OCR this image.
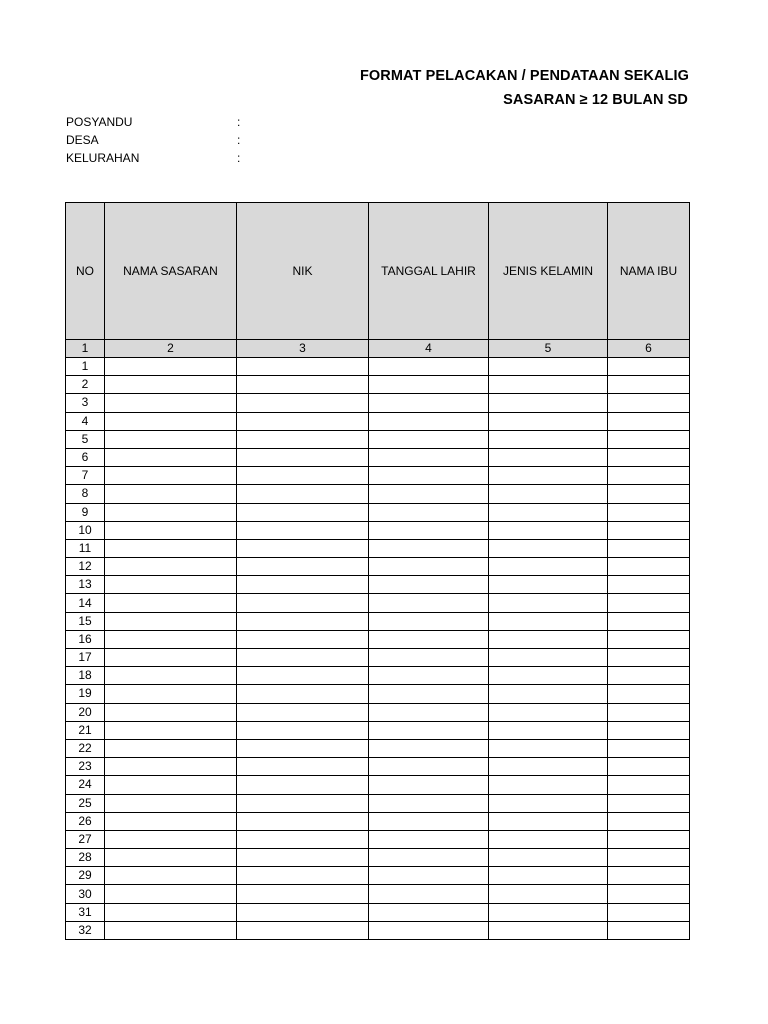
FORMAT PELACAKAN / PENDATAAN SEKALIG
SASARAN ≥ 12 BULAN SD
POSYANDU	:
DESA	:
KELURAHAN	:
NO	NAMA SASARAN	NIK	TANGGAL LAHIR	JENIS KELAMIN	NAMA IBU
1	2	3	4	5	6
1					
2					
3					
4					
5					
6					
7					
8					
9					
10					
11					
12					
13					
14					
15					
16					
17					
18					
19					
20					
21					
22					
23					
24					
25					
26					
27					
28					
29					
30					
31					
32					
